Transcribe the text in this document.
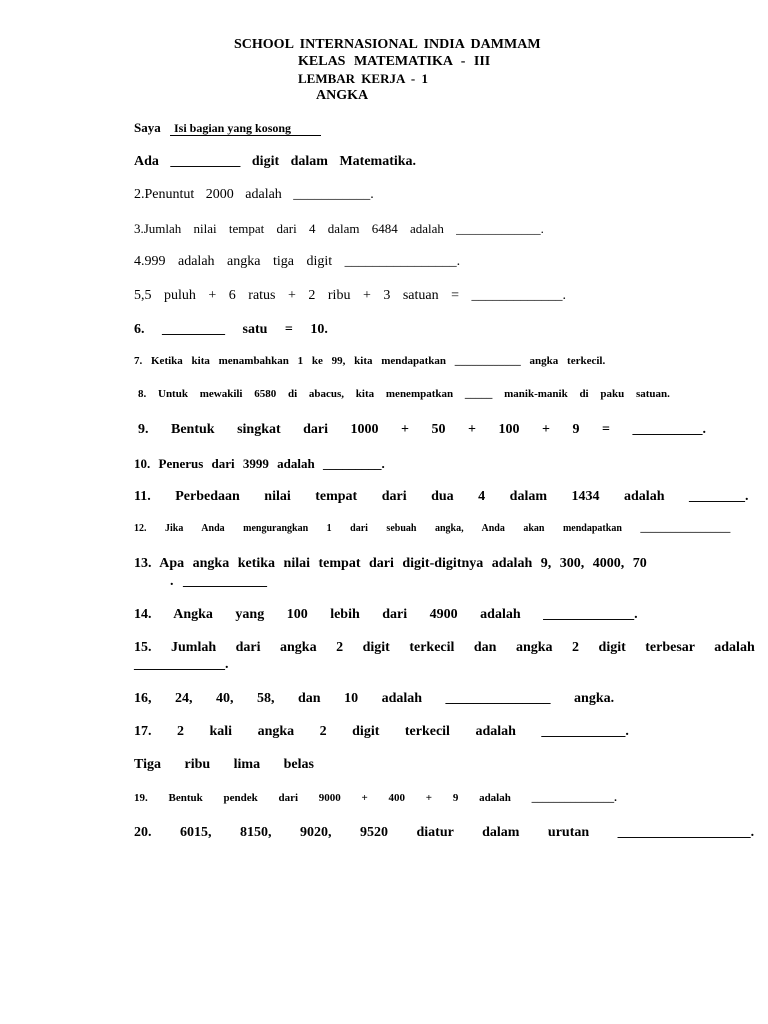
SCHOOL INTERNASIONAL INDIA DAMMAM
KELAS MATEMATIKA - III
LEMBAR KERJA - 1
ANGKA
Saya Isi bagian yang kosong
Ada __________ digit dalam Matematika.
2.Penuntut 2000 adalah ___________.
3.Jumlah nilai tempat dari 4 dalam 6484 adalah _____________.
4.999 adalah angka tiga digit ________________.
5,5 puluh + 6 ratus + 2 ribu + 3 satuan = _____________.
6. _________ satu = 10.
7. Ketika kita menambahkan 1 ke 99, kita mendapatkan ____________ angka terkecil.
8. Untuk mewakili 6580 di abacus, kita menempatkan _____ manik-manik di paku satuan.
9. Bentuk singkat dari 1000 + 50 + 100 + 9 = __________.
10. Penerus dari 3999 adalah _________.
11. Perbedaan nilai tempat dari dua 4 dalam 1434 adalah ________.
12. Jika Anda mengurangkan 1 dari sebuah angka, Anda akan mendapatkan __________________
13. Apa angka ketika nilai tempat dari digit-digitnya adalah 9, 300, 4000, 70
. ____________
14. Angka yang 100 lebih dari 4900 adalah _____________.
15. Jumlah dari angka 2 digit terkecil dan angka 2 digit terbesar adalah
_____________.
16, 24, 40, 58, dan 10 adalah _______________ angka.
17. 2 kali angka 2 digit terkecil adalah ____________.
Tiga ribu lima belas
19. Bentuk pendek dari 9000 + 400 + 9 adalah _______________.
20. 6015, 8150, 9020, 9520 diatur dalam urutan ___________________.
